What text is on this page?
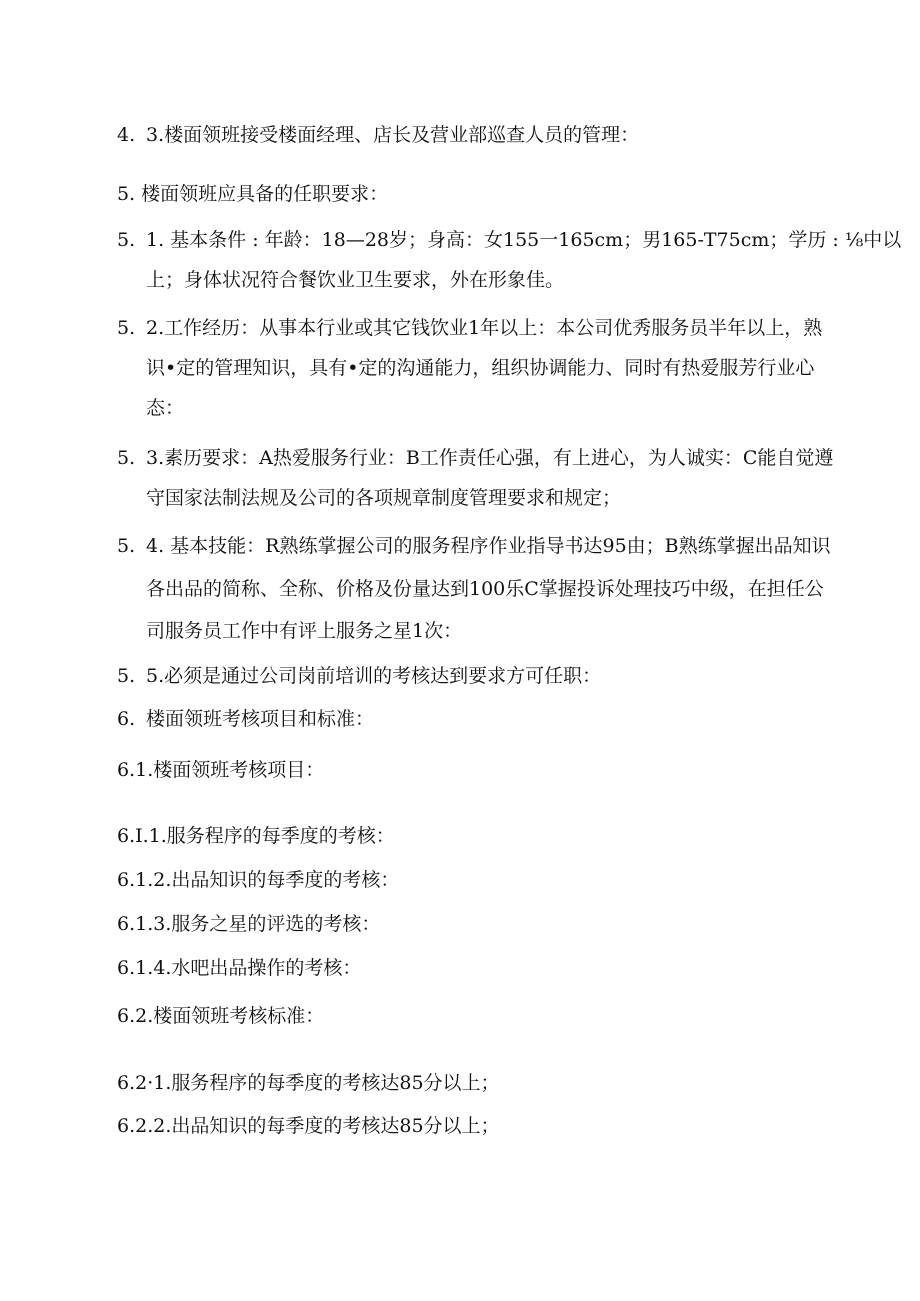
4. 3.楼面领班接受楼面经理、店长及营业部巡查人员的管理：
5. 楼面领班应具备的任职要求：
5. 1. 基本条件 : 年龄：18—28岁；身高：女155一165cm；男165-T75cm；学历 : ⅛中以
上；身体状况符合餐饮业卫生要求，外在形象佳。
5. 2.工作经历：从事本行业或其它钱饮业1年以上：本公司优秀服务员半年以上，熟
识•定的管理知识，具有•定的沟通能力，组织协调能力、同时有热爱服芳行业心
态：
5. 3.素历要求：A热爱服务行业：B工作责任心强，有上进心，为人诚实：C能自觉遵
守国家法制法规及公司的各项规章制度管理要求和规定；
5. 4. 基本技能：R熟练掌握公司的服务程序作业指导书达95由；B熟练掌握出品知识
各出品的简称、全称、价格及份量达到100乐C掌握投诉处理技巧中级，在担任公
司服务员工作中有评上服务之星1次：
5. 5.必须是通过公司岗前培训的考核达到要求方可任职：
6. 楼面领班考核项目和标准：
6.1.楼面领班考核项目：
6.I.1.服务程序的每季度的考核：
6.1.2.出品知识的每季度的考核：
6.1.3.服务之星的评选的考核：
6.1.4.水吧出品操作的考核：
6.2.楼面领班考核标准：
6.2·1.服务程序的每季度的考核达85分以上；
6.2.2.出品知识的每季度的考核达85分以上；
